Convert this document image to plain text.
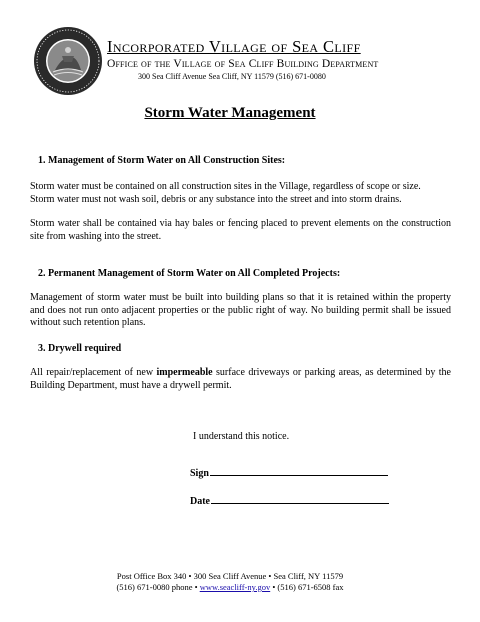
Incorporated Village of Sea Cliff
Office of the Village of Sea Cliff Building Department
300 Sea Cliff Avenue Sea Cliff, NY 11579 (516) 671-0080
Storm Water Management
1. Management of Storm Water on All Construction Sites:
Storm water must be contained on all construction sites in the Village, regardless of scope or size.
Storm water must not wash soil, debris or any substance into the street and into storm drains.
Storm water shall be contained via hay bales or fencing placed to prevent elements on the construction site from washing into the street.
2. Permanent Management of Storm Water on All Completed Projects:
Management of storm water must be built into building plans so that it is retained within the property and does not run onto adjacent properties or the public right of way. No building permit shall be issued without such retention plans.
3. Drywell required
All repair/replacement of new impermeable surface driveways or parking areas, as determined by the Building Department, must have a drywell permit.
I understand this notice.
Sign
Date
Post Office Box 340 • 300 Sea Cliff Avenue • Sea Cliff, NY 11579
(516) 671-0080 phone • www.seacliff-ny.gov • (516) 671-6508 fax
